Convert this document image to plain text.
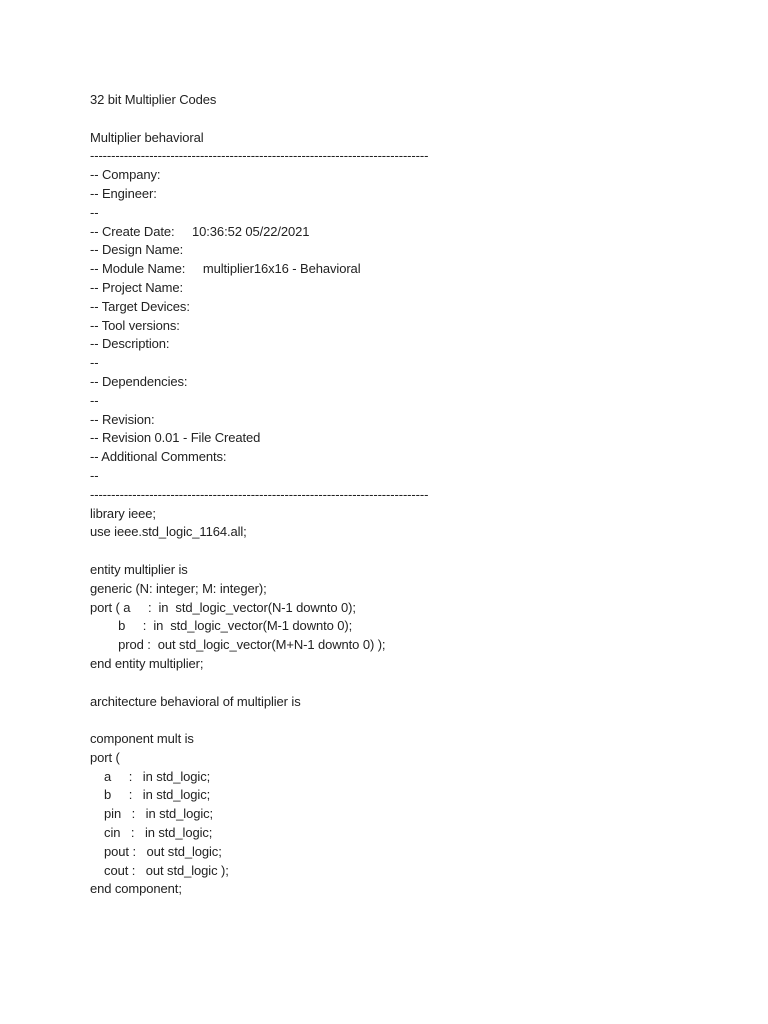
32 bit Multiplier Codes
Multiplier behavioral
--------------------------------------------------------------------------------
-- Company:
-- Engineer:
--
-- Create Date:     10:36:52 05/22/2021
-- Design Name:
-- Module Name:     multiplier16x16 - Behavioral
-- Project Name:
-- Target Devices:
-- Tool versions:
-- Description:
--
-- Dependencies:
--
-- Revision:
-- Revision 0.01 - File Created
-- Additional Comments:
--
--------------------------------------------------------------------------------
library ieee;
use ieee.std_logic_1164.all;
entity multiplier is
generic (N: integer; M: integer);
port ( a     :  in  std_logic_vector(N-1 downto 0);
b     :  in  std_logic_vector(M-1 downto 0);
prod :  out std_logic_vector(M+N-1 downto 0) );
end entity multiplier;
architecture behavioral of multiplier is
component mult is
port (
a     :   in std_logic;
b     :   in std_logic;
pin   :   in std_logic;
cin   :   in std_logic;
pout :   out std_logic;
cout :   out std_logic );
end component;
